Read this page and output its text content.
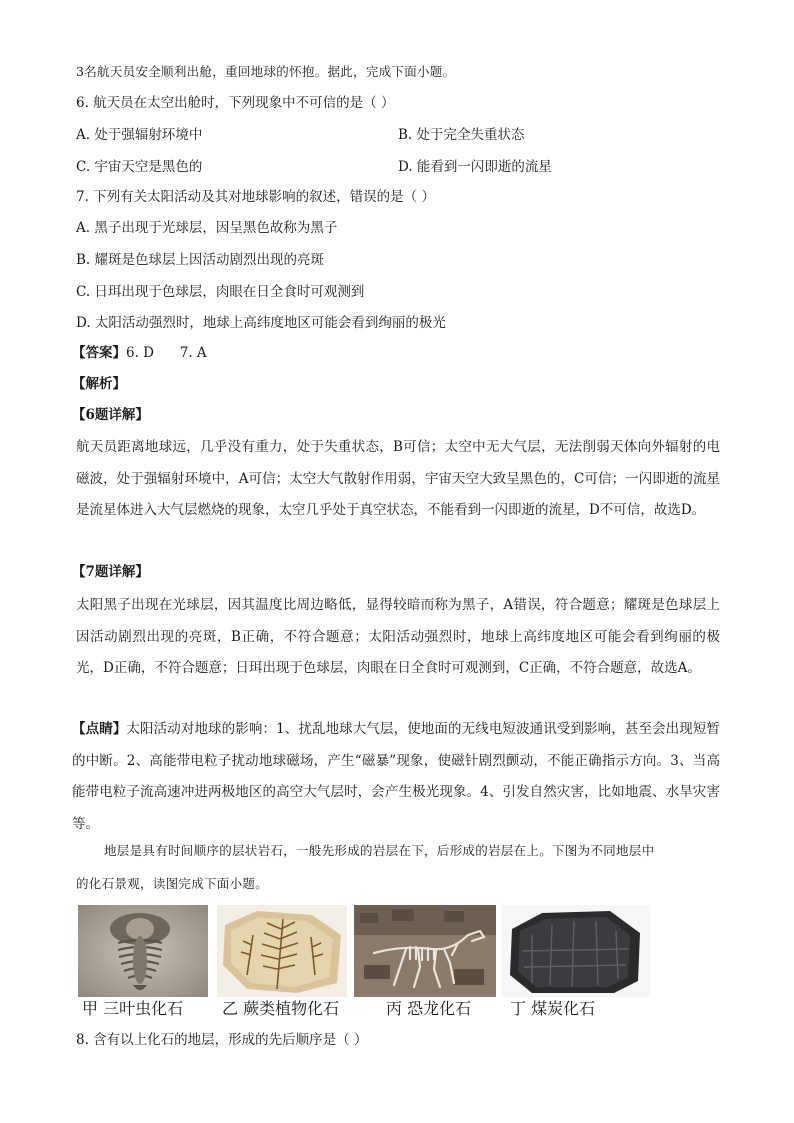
3名航天员安全顺利出舱，重回地球的怀抱。据此，完成下面小题。
6. 航天员在太空出舱时，下列现象中不可信的是（ ）
A. 处于强辐射环境中	B. 处于完全失重状态
C. 宇宙天空是黑色的	D. 能看到一闪即逝的流星
7. 下列有关太阳活动及其对地球影响的叙述，错误的是（ ）
A. 黑子出现于光球层，因呈黑色故称为黑子
B. 耀斑是色球层上因活动剧烈出现的亮斑
C. 日珥出现于色球层，肉眼在日全食时可观测到
D. 太阳活动强烈时，地球上高纬度地区可能会看到绚丽的极光
【答案】6. D      7. A
【解析】
【6题详解】
航天员距离地球远，几乎没有重力，处于失重状态，B可信；太空中无大气层，无法削弱天体向外辐射的电磁波，处于强辐射环境中，A可信；太空大气散射作用弱，宇宙天空大致呈黑色的，C可信；一闪即逝的流星是流星体进入大气层燃烧的现象，太空几乎处于真空状态，不能看到一闪即逝的流星，D不可信，故选D。
【7题详解】
太阳黑子出现在光球层，因其温度比周边略低，显得较暗而称为黑子，A错误，符合题意；耀斑是色球层上因活动剧烈出现的亮斑，B正确，不符合题意；太阳活动强烈时，地球上高纬度地区可能会看到绚丽的极光，D正确，不符合题意；日珥出现于色球层，肉眼在日全食时可观测到，C正确，不符合题意，故选A。
【点睛】太阳活动对地球的影响：1、扰乱地球大气层，使地面的无线电短波通讯受到影响，甚至会出现短暂的中断。2、高能带电粒子扰动地球磁场，产生“磁暴”现象，使磁针剧烈颤动，不能正确指示方向。3、当高能带电粒子流高速冲进两极地区的高空大气层时，会产生极光现象。4、引发自然灾害，比如地震、水旱灾害等。
地层是具有时间顺序的层状岩石，一般先形成的岩层在下，后形成的岩层在上。下图为不同地层中
的化石景观，读图完成下面小题。
甲 三叶虫化石 乙 蕨类植物化石	丙 恐龙化石 丁 煤炭化石
8. 含有以上化石的地层，形成的先后顺序是（ ）
